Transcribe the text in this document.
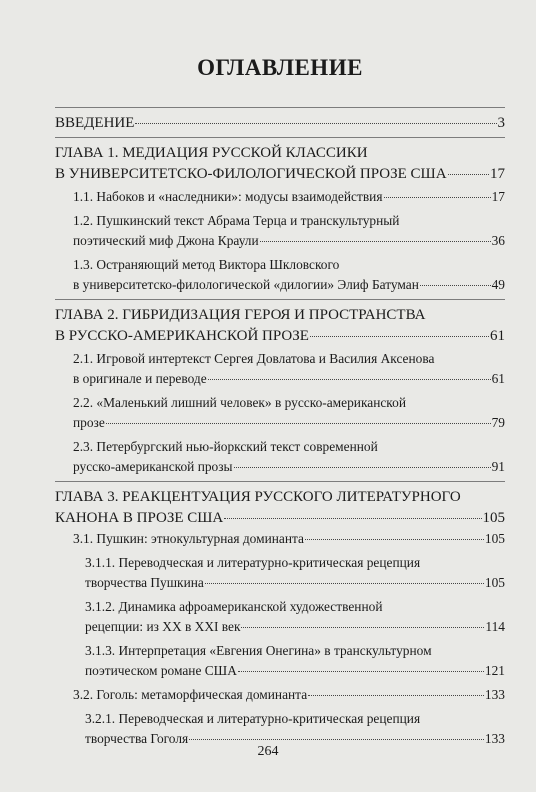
ОГЛАВЛЕНИЕ
ВВЕДЕНИЕ	3
ГЛАВА 1. МЕДИАЦИЯ РУССКОЙ КЛАССИКИ
В УНИВЕРСИТЕТСКО-ФИЛОЛОГИЧЕСКОЙ ПРОЗЕ США	17
1.1. Набоков и «наследники»: модусы взаимодействия	17
1.2. Пушкинский текст Абрама Терца и транскультурный
поэтический миф Джона Краули	36
1.3. Остраняющий метод Виктора Шкловского
в университетско-филологической «дилогии» Элиф Батуман	49
ГЛАВА 2. ГИБРИДИЗАЦИЯ ГЕРОЯ И ПРОСТРАНСТВА
В РУССКО-АМЕРИКАНСКОЙ ПРОЗЕ	61
2.1. Игровой интертекст Сергея Довлатова и Василия Аксенова
в оригинале и переводе	61
2.2. «Маленький лишний человек» в русско-американской
прозе	79
2.3. Петербургский нью-йоркский текст современной
русско-американской прозы	91
ГЛАВА 3. РЕАКЦЕНТУАЦИЯ РУССКОГО ЛИТЕРАТУРНОГО
КАНОНА В ПРОЗЕ США	105
3.1. Пушкин: этнокультурная доминанта	105
3.1.1. Переводческая и литературно-критическая рецепция
творчества Пушкина	105
3.1.2. Динамика афроамериканской художественной
рецепции: из XX в XXI век	114
3.1.3. Интерпретация «Евгения Онегина» в транскультурном
поэтическом романе США	121
3.2. Гоголь: метаморфическая доминанта	133
3.2.1. Переводческая и литературно-критическая рецепция
творчества Гоголя	133
264
